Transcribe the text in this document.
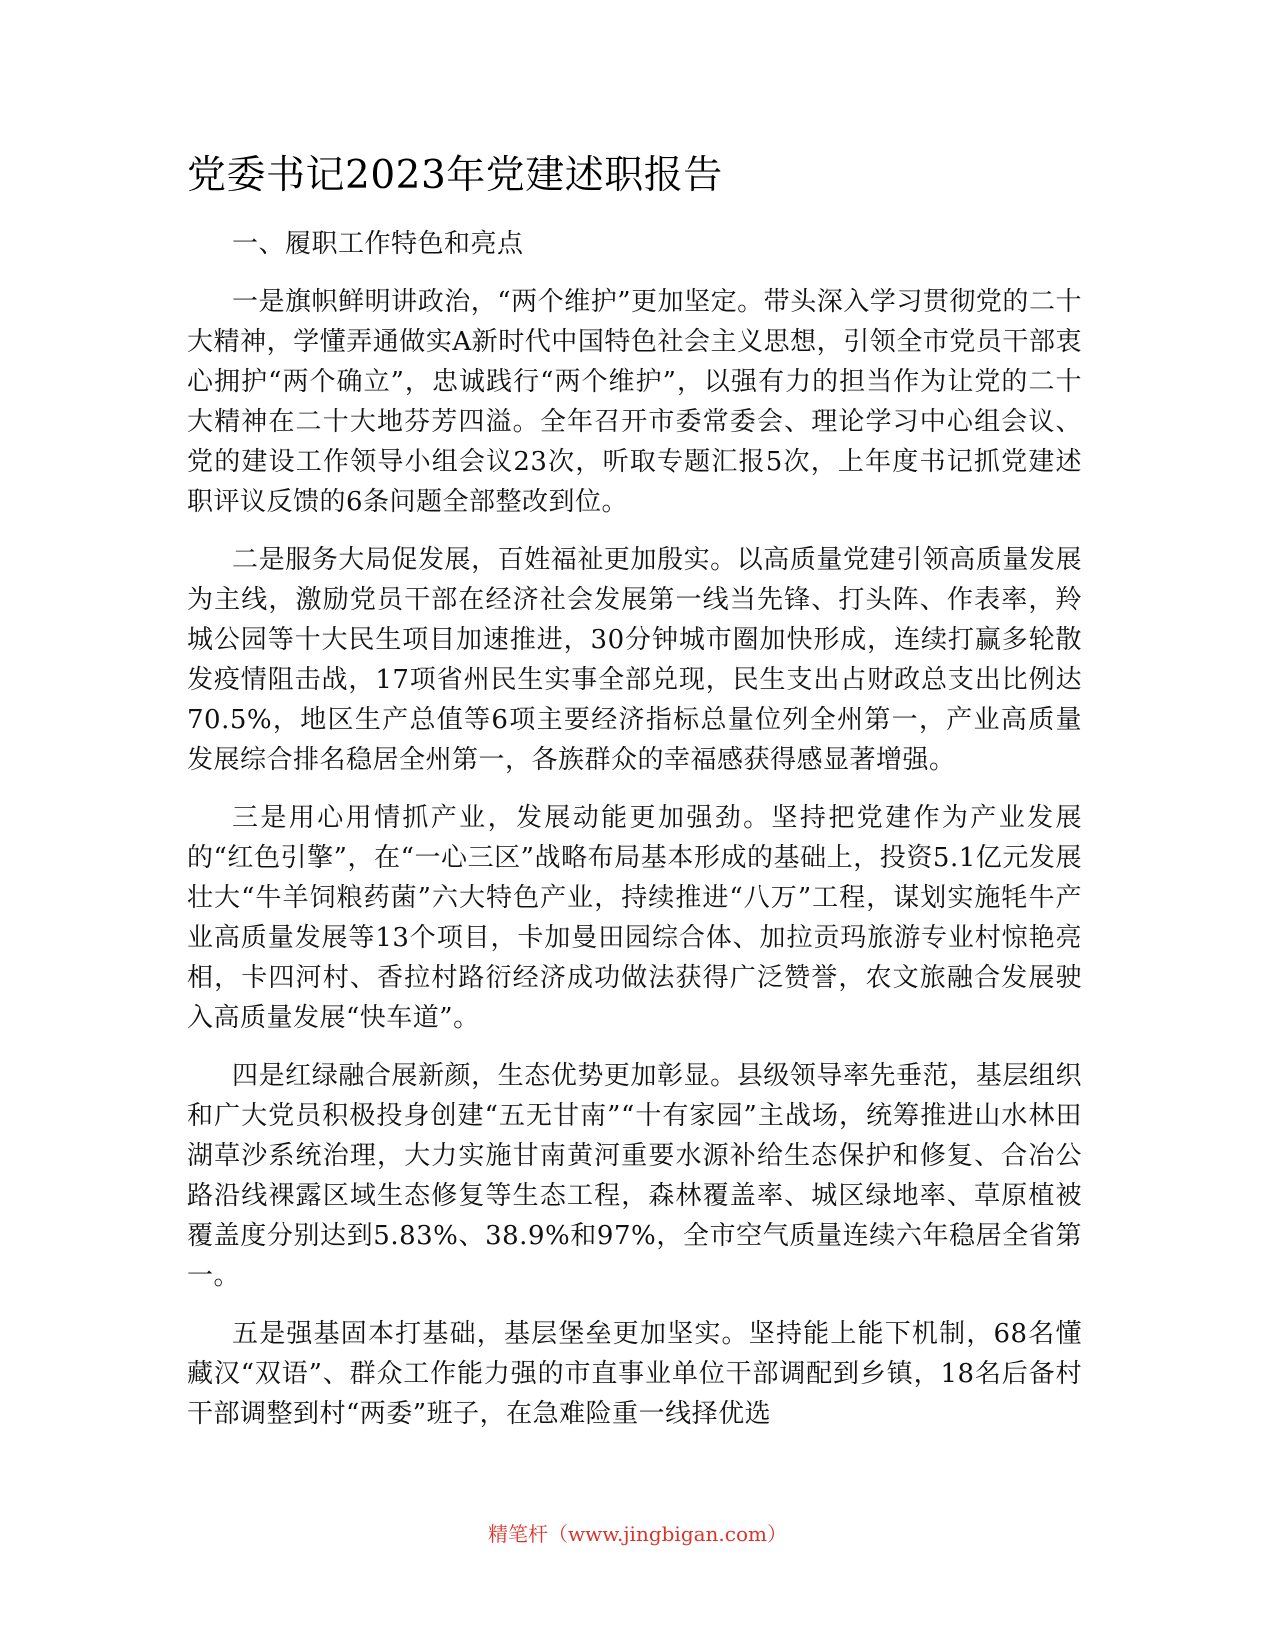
党委书记2023年党建述职报告

一、履职工作特色和亮点

一是旗帜鲜明讲政治，“两个维护”更加坚定。带头深入学习贯彻党的二十大精神，学懂弄通做实A新时代中国特色社会主义思想，引领全市党员干部衷心拥护“两个确立”，忠诚践行“两个维护”，以强有力的担当作为让党的二十大精神在二十大地芬芳四溢。全年召开市委常委会、理论学习中心组会议、党的建设工作领导小组会议23次，听取专题汇报5次，上年度书记抓党建述职评议反馈的6条问题全部整改到位。

二是服务大局促发展，百姓福祉更加殷实。以高质量党建引领高质量发展为主线，激励党员干部在经济社会发展第一线当先锋、打头阵、作表率，羚城公园等十大民生项目加速推进，30分钟城市圈加快形成，连续打赢多轮散发疫情阻击战，17项省州民生实事全部兑现，民生支出占财政总支出比例达70.5%，地区生产总值等6项主要经济指标总量位列全州第一，产业高质量发展综合排名稳居全州第一，各族群众的幸福感获得感显著增强。

三是用心用情抓产业，发展动能更加强劲。坚持把党建作为产业发展的“红色引擎”，在“一心三区”战略布局基本形成的基础上，投资5.1亿元发展壮大“牛羊饲粮药菌”六大特色产业，持续推进“八万”工程，谋划实施牦牛产业高质量发展等13个项目，卡加曼田园综合体、加拉贡玛旅游专业村惊艳亮相，卡四河村、香拉村路衍经济成功做法获得广泛赞誉，农文旅融合发展驶入高质量发展“快车道”。

四是红绿融合展新颜，生态优势更加彰显。县级领导率先垂范，基层组织和广大党员积极投身创建“五无甘南”“十有家园”主战场，统筹推进山水林田湖草沙系统治理，大力实施甘南黄河重要水源补给生态保护和修复、合冶公路沿线裸露区域生态修复等生态工程，森林覆盖率、城区绿地率、草原植被覆盖度分别达到5.83%、38.9%和97%，全市空气质量连续六年稳居全省第一。

五是强基固本打基础，基层堡垒更加坚实。坚持能上能下机制，68名懂藏汉“双语”、群众工作能力强的市直事业单位干部调配到乡镇，18名后备村干部调整到村“两委”班子，在急难险重一线择优选

精笔杆（www.jingbigan.com）
